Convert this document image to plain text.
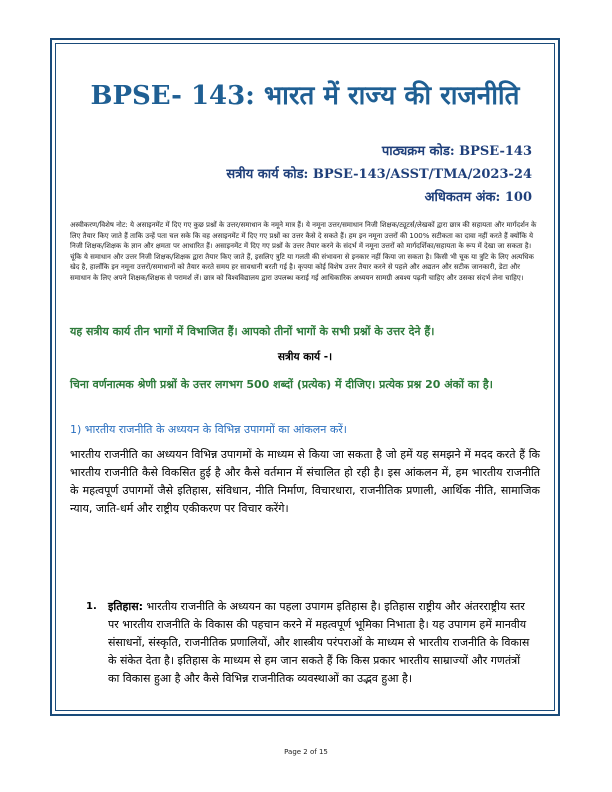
BPSE- 143: भारत में राज्य की राजनीति
पाठ्यक्रम कोड: BPSE-143
सत्रीय कार्य कोड: BPSE-143/ASST/TMA/2023-24
अधिकतम अंक: 100
अस्वीकरण/विशेष नोट: ये असाइनमेंट में दिए गए कुछ प्रश्नों के उत्तर/समाधान के नमूने मात्र हैं। ये नमूना उत्तर/समाधान निजी शिक्षक/ट्यूटर्स/लेखकों द्वारा छात्र की सहायता और मार्गदर्शन के लिए तैयार किए जाते हैं ताकि उन्हें पता चल सके कि वह असाइनमेंट में दिए गए प्रश्नों का उत्तर कैसे दे सकते हैं। हम इन नमूना उत्तरों की 100% सटीकता का दावा नहीं करते हैं क्योंकि ये निजी शिक्षक/शिक्षक के ज्ञान और क्षमता पर आधारित हैं। असाइनमेंट में दिए गए प्रश्नों के उत्तर तैयार करने के संदर्भ में नमूना उत्तरों को मार्गदर्शिका/सहायता के रूप में देखा जा सकता है। चूंकि ये समाधान और उत्तर निजी शिक्षक/शिक्षक द्वारा तैयार किए जाते हैं, इसलिए त्रुटि या गलती की संभावना से इनकार नहीं किया जा सकता है। किसी भी चूक या त्रुटि के लिए अत्यधिक खेद है, हालाँकि इन नमूना उत्तरों/समाधानों को तैयार करते समय हर सावधानी बरती गई है। कृपया कोई विशेष उत्तर तैयार करने से पहले और अद्यतन और सटीक जानकारी, डेटा और समाधान के लिए अपने शिक्षक/शिक्षक से परामर्श लें। छात्र को विश्वविद्यालय द्वारा उपलब्ध कराई गई आधिकारिक अध्ययन सामग्री अवश्य पढ़नी चाहिए और उसका संदर्भ लेना चाहिए।
यह सत्रीय कार्य तीन भागों में विभाजित हैं। आपको तीनों भागों के सभी प्रश्नों के उत्तर देने हैं।
सत्रीय कार्य -।
चिना वर्णनात्मक श्रेणी प्रश्नों के उत्तर लगभग 500 शब्दों (प्रत्येक) में दीजिए। प्रत्येक प्रश्न 20 अंकों का है।
1) भारतीय राजनीति के अध्ययन के विभिन्न उपागमों का आंकलन करें।
भारतीय राजनीति का अध्ययन विभिन्न उपागमों के माध्यम से किया जा सकता है जो हमें यह समझने में मदद करते हैं कि भारतीय राजनीति कैसे विकसित हुई है और कैसे वर्तमान में संचालित हो रही है। इस आंकलन में, हम भारतीय राजनीति के महत्वपूर्ण उपागमों जैसे इतिहास, संविधान, नीति निर्माण, विचारधारा, राजनीतिक प्रणाली, आर्थिक नीति, सामाजिक न्याय, जाति-धर्म और राष्ट्रीय एकीकरण पर विचार करेंगे।
1. इतिहास: भारतीय राजनीति के अध्ययन का पहला उपागम इतिहास है। इतिहास राष्ट्रीय और अंतरराष्ट्रीय स्तर पर भारतीय राजनीति के विकास की पहचान करने में महत्वपूर्ण भूमिका निभाता है। यह उपागम हमें मानवीय संसाधनों, संस्कृति, राजनीतिक प्रणालियों, और शास्त्रीय परंपराओं के माध्यम से भारतीय राजनीति के विकास के संकेत देता है। इतिहास के माध्यम से हम जान सकते हैं कि किस प्रकार भारतीय साम्राज्यों और गणतंत्रों का विकास हुआ है और कैसे विभिन्न राजनीतिक व्यवस्थाओं का उद्भव हुआ है।
Page 2 of 15
